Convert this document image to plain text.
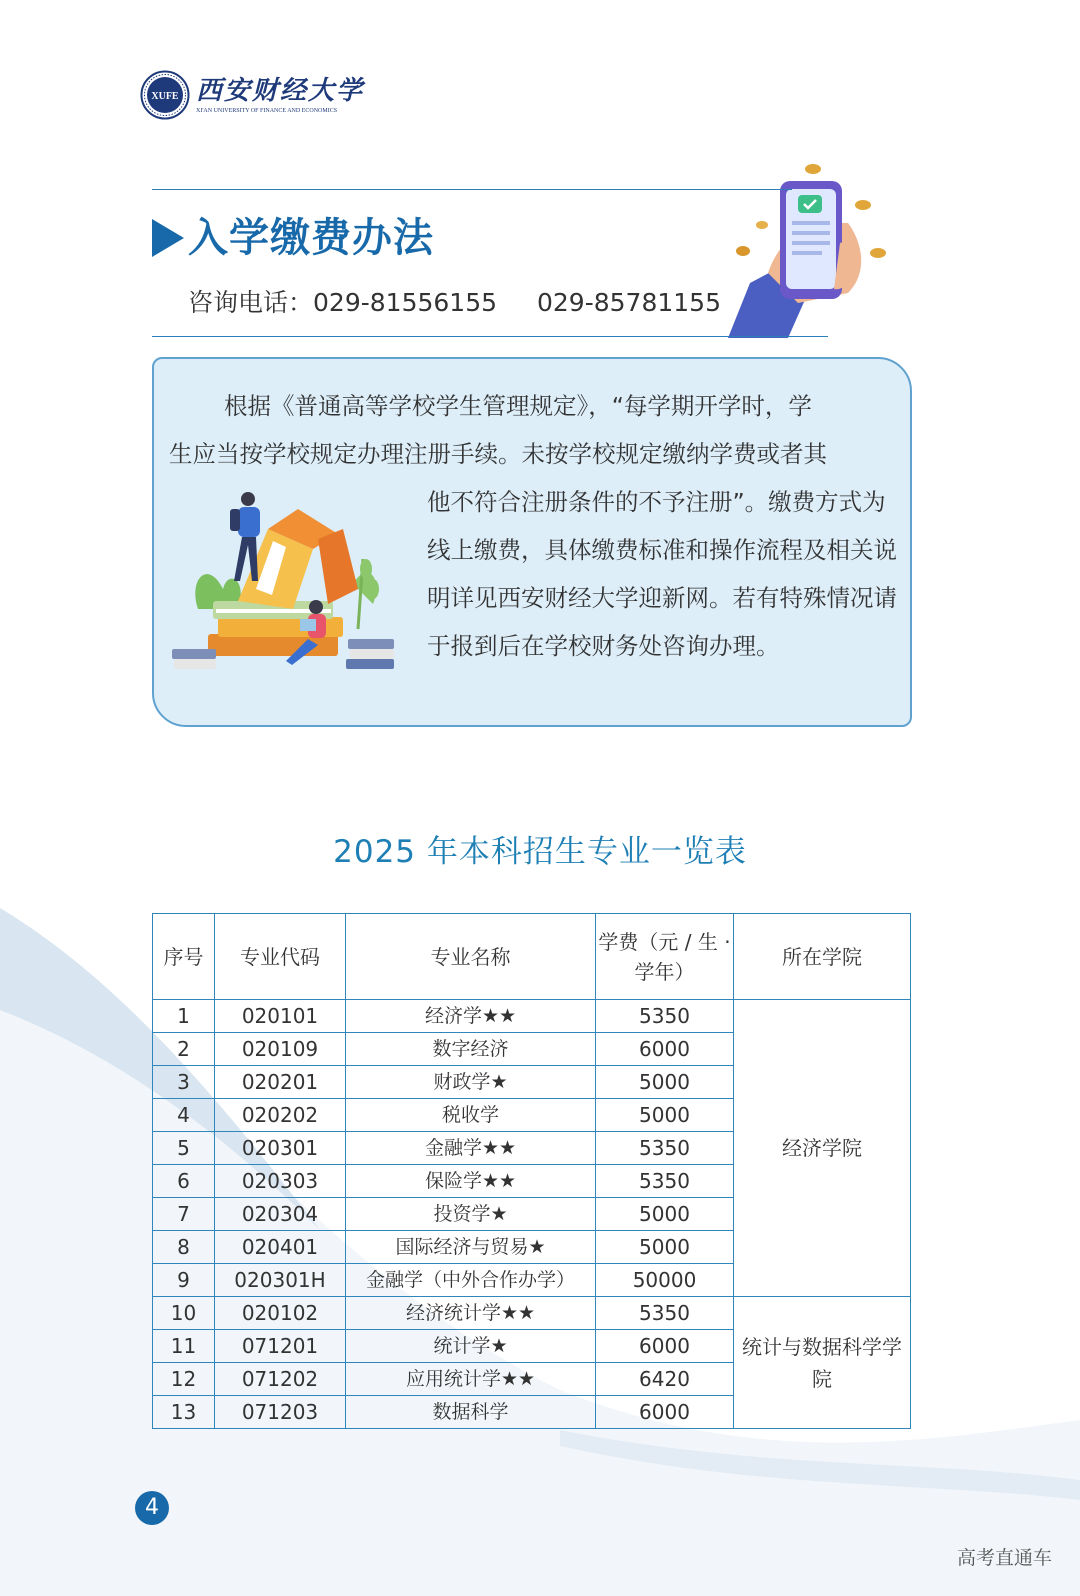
XUFE 西安财经大学
XI'AN UNIVERSITY OF FINANCE AND ECONOMICS
入学缴费办法
咨询电话：029-81556155 029-85781155

根据《普通高等学校学生管理规定》，“每学期开学时，学

生应当按学校规定办理注册手续。未按学校规定缴纳学费或者其

他不符合注册条件的不予注册”。缴费方式为线上缴费，具体缴费标准和操作流程及相关说明详见西安财经大学迎新网。若有特殊情况请于报到后在学校财务处咨询办理。

2025 年本科招生专业一览表
序号	专业代码	专业名称	学费（元 / 生 · 学年）	所在学院
1	020101	经济学★★	5350	经济学院
2	020109	数字经济	6000	
3	020201	财政学★	5000	
4	020202	税收学	5000	
5	020301	金融学★★	5350	
6	020303	保险学★★	5350	
7	020304	投资学★	5000	
8	020401	国际经济与贸易★	5000	
9	020301H	金融学（中外合作办学）	50000	
10	020102	经济统计学★★	5350	统计与数据科学学院
11	071201	统计学★	6000	
12	071202	应用统计学★★	6420	
13	071203	数据科学	6000	
4
高考直通车
